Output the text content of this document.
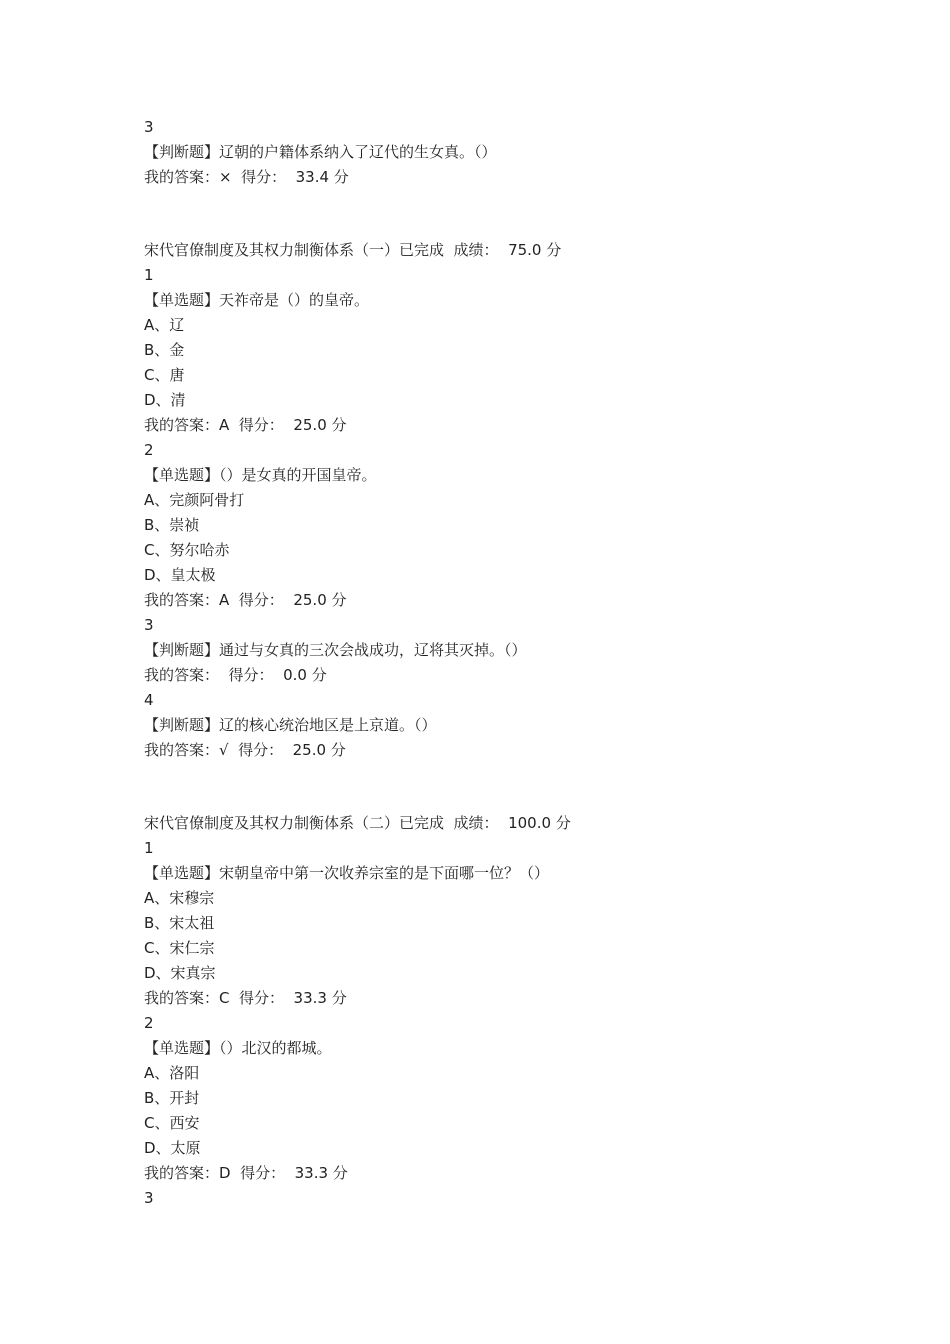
3
【判断题】辽朝的户籍体系纳入了辽代的生女真。（）
我的答案：×  得分：  33.4 分
宋代官僚制度及其权力制衡体系（一）已完成  成绩：  75.0 分
1
【单选题】天祚帝是（）的皇帝。
A、辽
B、金
C、唐
D、清
我的答案：A  得分：  25.0 分
2
【单选题】（）是女真的开国皇帝。
A、完颜阿骨打
B、崇祯
C、努尔哈赤
D、皇太极
我的答案：A  得分：  25.0 分
3
【判断题】通过与女真的三次会战成功，辽将其灭掉。（）
我的答案：  得分：  0.0 分
4
【判断题】辽的核心统治地区是上京道。（）
我的答案：√  得分：  25.0 分
宋代官僚制度及其权力制衡体系（二）已完成  成绩：  100.0 分
1
【单选题】宋朝皇帝中第一次收养宗室的是下面哪一位？（）
A、宋穆宗
B、宋太祖
C、宋仁宗
D、宋真宗
我的答案：C  得分：  33.3 分
2
【单选题】（）北汉的都城。
A、洛阳
B、开封
C、西安
D、太原
我的答案：D  得分：  33.3 分
3
